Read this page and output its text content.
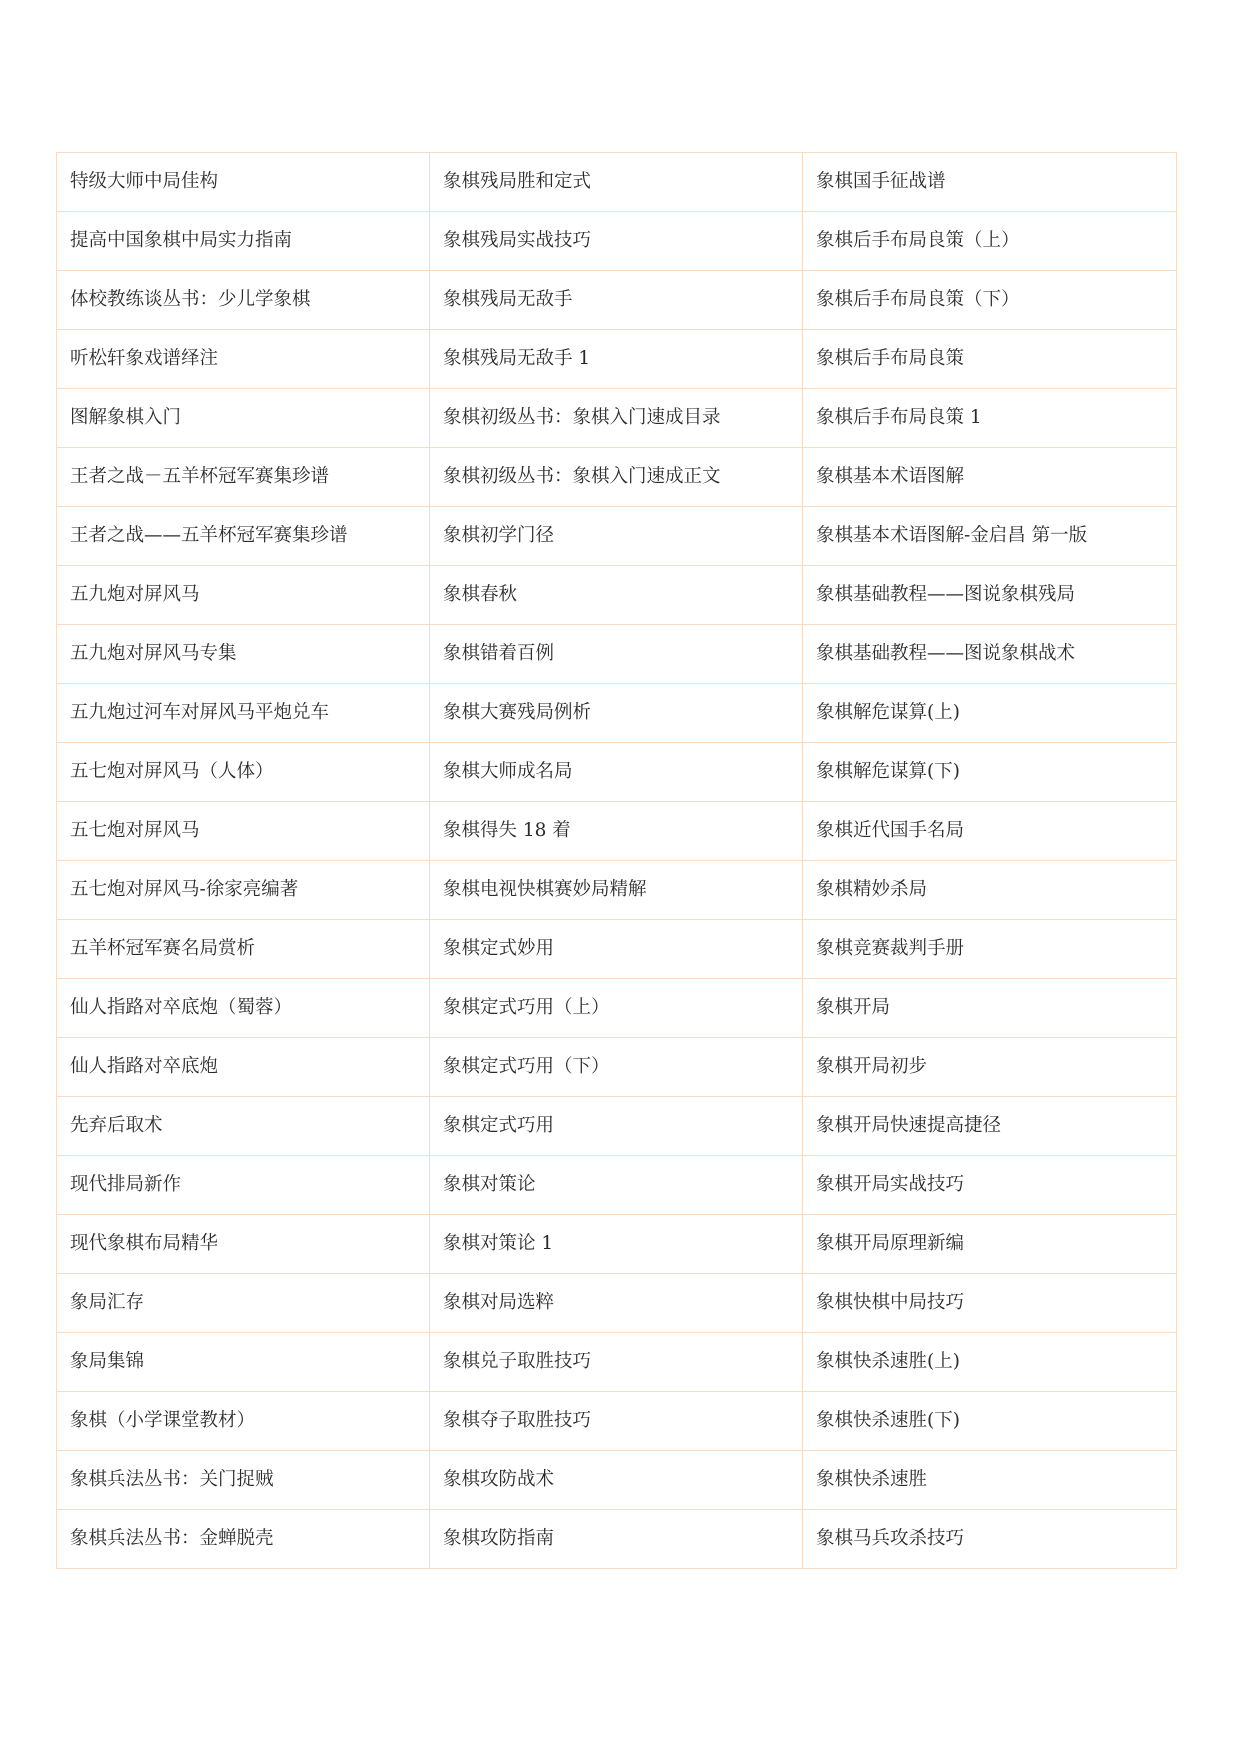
特级大师中局佳构	象棋残局胜和定式	象棋国手征战谱
提高中国象棋中局实力指南	象棋残局实战技巧	象棋后手布局良策（上）
体校教练谈丛书：少儿学象棋	象棋残局无敌手	象棋后手布局良策（下）
听松轩象戏谱绎注	象棋残局无敌手 1	象棋后手布局良策
图解象棋入门	象棋初级丛书：象棋入门速成目录	象棋后手布局良策 1
王者之战－五羊杯冠军赛集珍谱	象棋初级丛书：象棋入门速成正文	象棋基本术语图解
王者之战——五羊杯冠军赛集珍谱	象棋初学门径	象棋基本术语图解-金启昌 第一版
五九炮对屏风马	象棋春秋	象棋基础教程——图说象棋残局
五九炮对屏风马专集	象棋错着百例	象棋基础教程——图说象棋战术
五九炮过河车对屏风马平炮兑车	象棋大赛残局例析	象棋解危谋算(上)
五七炮对屏风马（人体）	象棋大师成名局	象棋解危谋算(下)
五七炮对屏风马	象棋得失 18 着	象棋近代国手名局
五七炮对屏风马-徐家亮编著	象棋电视快棋赛妙局精解	象棋精妙杀局
五羊杯冠军赛名局赏析	象棋定式妙用	象棋竞赛裁判手册
仙人指路对卒底炮（蜀蓉）	象棋定式巧用（上）	象棋开局
仙人指路对卒底炮	象棋定式巧用（下）	象棋开局初步
先弃后取术	象棋定式巧用	象棋开局快速提高捷径
现代排局新作	象棋对策论	象棋开局实战技巧
现代象棋布局精华	象棋对策论 1	象棋开局原理新编
象局汇存	象棋对局选粹	象棋快棋中局技巧
象局集锦	象棋兑子取胜技巧	象棋快杀速胜(上)
象棋（小学课堂教材）	象棋夺子取胜技巧	象棋快杀速胜(下)
象棋兵法丛书：关门捉贼	象棋攻防战术	象棋快杀速胜
象棋兵法丛书：金蝉脱壳	象棋攻防指南	象棋马兵攻杀技巧
